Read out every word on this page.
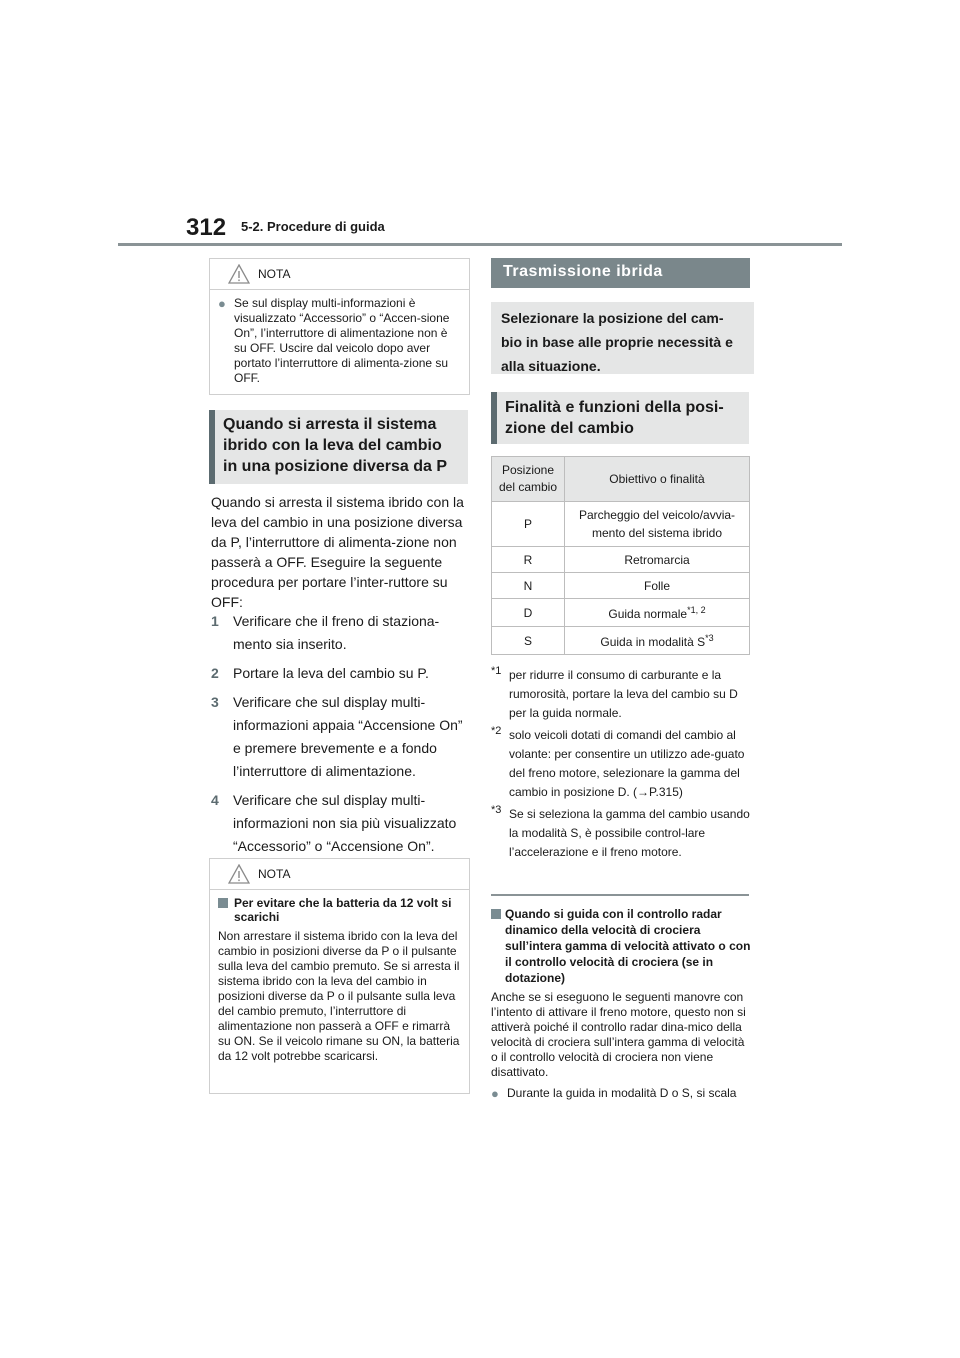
312 5-2. Procedure di guida
NOTA
● Se sul display multi-informazioni è visualizzato “Accessorio” o “Accen-sione On”, l’interruttore di alimentazione non è su OFF. Uscire dal veicolo dopo aver portato l’interruttore di alimenta-zione su OFF.
Quando si arresta il sistema ibrido con la leva del cambio in una posizione diversa da P
Quando si arresta il sistema ibrido con la leva del cambio in una posizione diversa da P, l’interruttore di alimenta-zione non passerà a OFF. Eseguire la seguente procedura per portare l’inter-ruttore su OFF:
1 Verificare che il freno di staziona-mento sia inserito.
2 Portare la leva del cambio su P.
3 Verificare che sul display multi-informazioni appaia “Accensione On” e premere brevemente e a fondo l’interruttore di alimentazione.
4 Verificare che sul display multi-informazioni non sia più visualizzato “Accessorio” o “Accensione On”.
NOTA
Per evitare che la batteria da 12 volt si scarichi
Non arrestare il sistema ibrido con la leva del cambio in posizioni diverse da P o il pulsante sulla leva del cambio premuto. Se si arresta il sistema ibrido con la leva del cambio in posizioni diverse da P o il pulsante sulla leva del cambio premuto, l’interruttore di alimentazione non passerà a OFF e rimarrà su ON. Se il veicolo rimane su ON, la batteria da 12 volt potrebbe scaricarsi.
Trasmissione ibrida
Selezionare la posizione del cam-bio in base alle proprie necessità e alla situazione.
Finalità e funzioni della posi-zione del cambio
Posizione del cambio	Obiettivo o finalità
P	Parcheggio del veicolo/avvia-mento del sistema ibrido
R	Retromarcia
N	Folle
D	Guida normale$^{*1, 2}$
S	Guida in modalità $S^{*3}$
*1 per ridurre il consumo di carburante e la rumorosità, portare la leva del cambio su D per la guida normale.
*2 solo veicoli dotati di comandi del cambio al volante: per consentire un utilizzo ade-guato del freno motore, selezionare la gamma del cambio in posizione D. (→P.315)
*3 Se si seleziona la gamma del cambio usando la modalità S, è possibile control-lare l’accelerazione e il freno motore.
Quando si guida con il controllo radar dinamico della velocità di crociera sull’intera gamma di velocità attivato o con il controllo velocità di crociera (se in dotazione)
Anche se si eseguono le seguenti manovre con l’intento di attivare il freno motore, questo non si attiverà poiché il controllo radar dina-mico della velocità di crociera sull’intera gamma di velocità o il controllo velocità di crociera non viene disattivato.
● Durante la guida in modalità D o S, si scala
